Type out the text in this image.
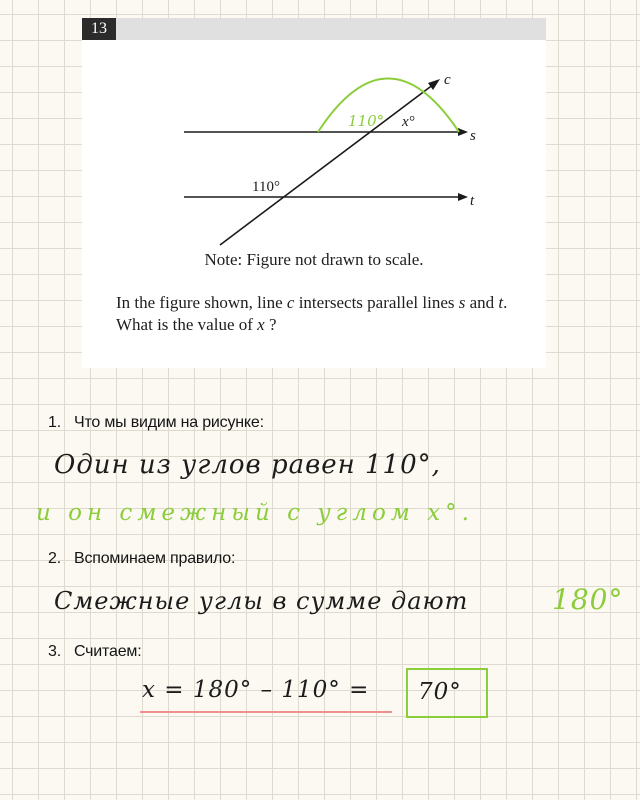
13
c
s
t
110° x°
110°
Note: Figure not drawn to scale.
In the figure shown, line c intersects parallel lines s and t. What is the value of x ?
1. Что мы видим на рисунке:
Один из углов равен 110°,
и он смежный с углом x°.
2. Вспоминаем правило:
Смежные углы в сумме дают	180°
3. Считаем:
x = 180° – 110° = 70°
